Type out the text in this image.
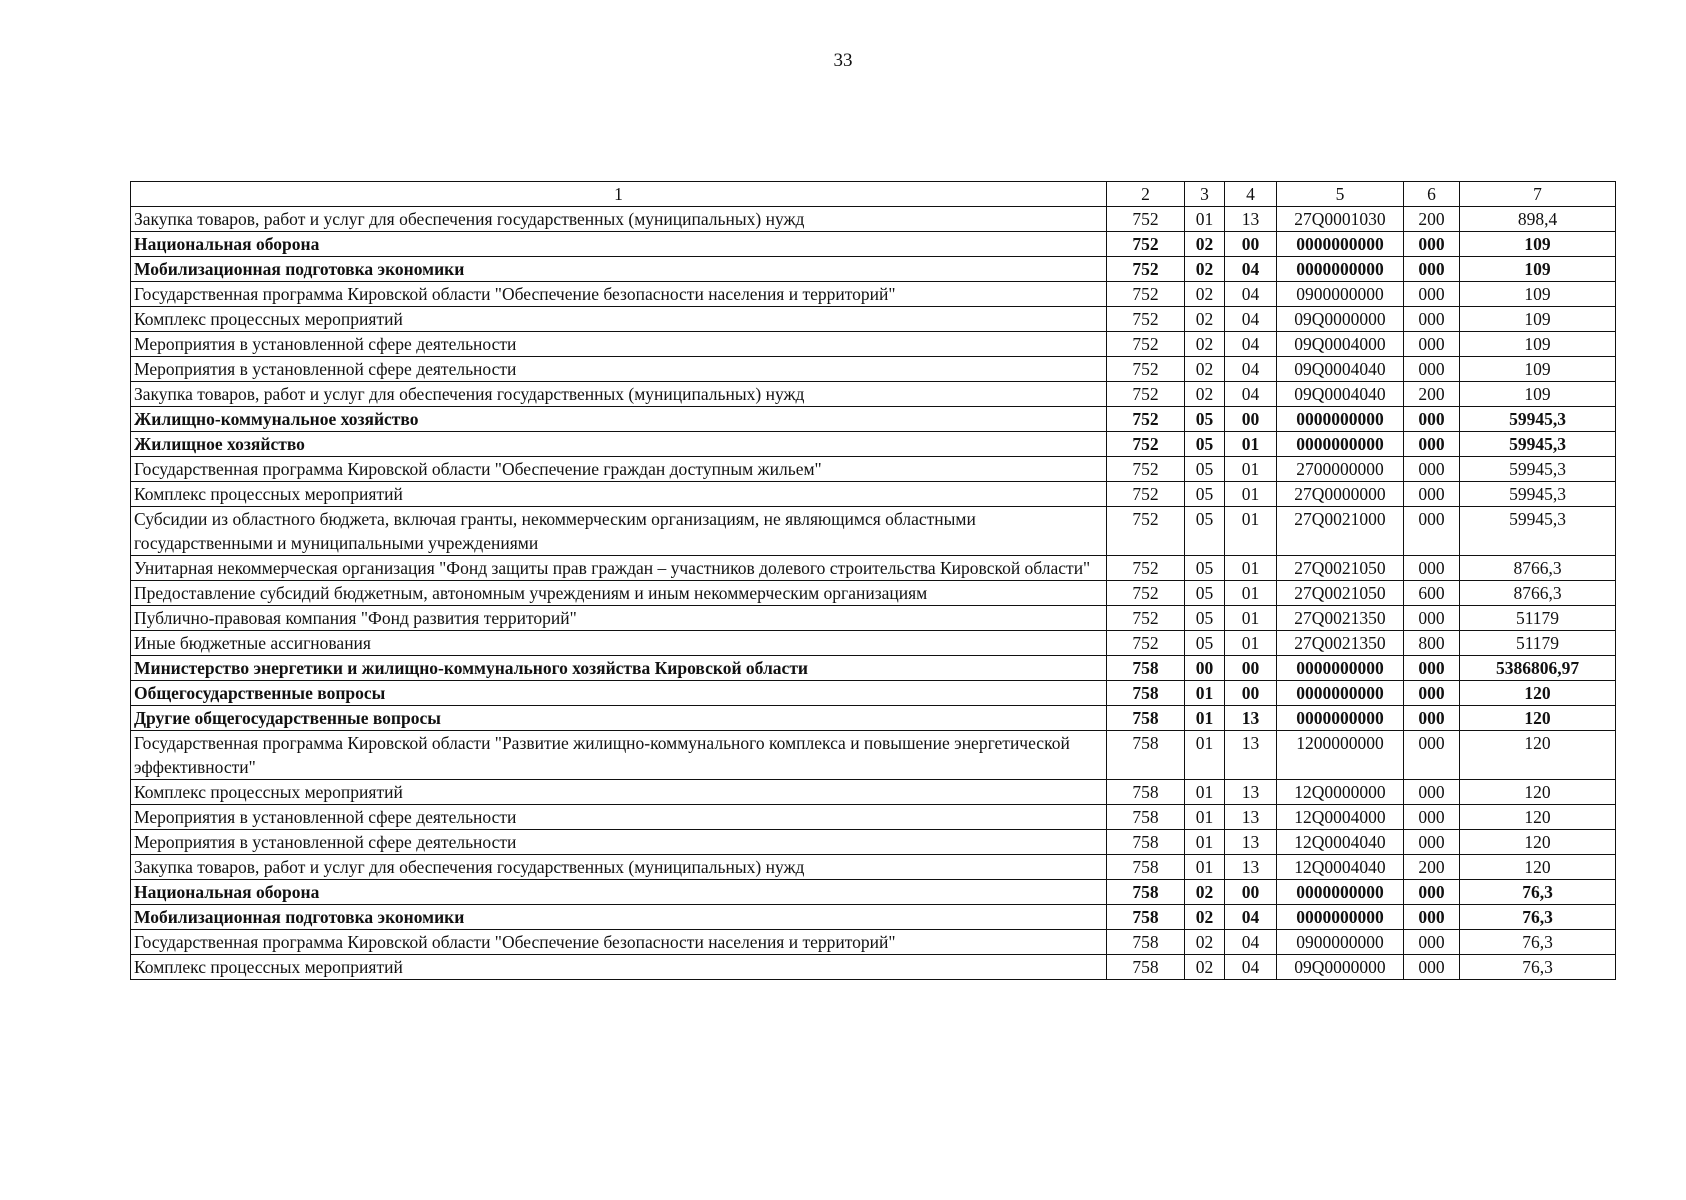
33
1	2	3	4	5	6	7
Закупка товаров, работ и услуг для обеспечения государственных (муниципальных) нужд	752	01	13	27Q0001030	200	898,4
Национальная оборона	752	02	00	0000000000	000	109
Мобилизационная подготовка экономики	752	02	04	0000000000	000	109
Государственная программа Кировской области "Обеспечение безопасности населения и территорий"	752	02	04	0900000000	000	109
Комплекс процессных мероприятий	752	02	04	09Q0000000	000	109
Мероприятия в установленной сфере деятельности	752	02	04	09Q0004000	000	109
Мероприятия в установленной сфере деятельности	752	02	04	09Q0004040	000	109
Закупка товаров, работ и услуг для обеспечения государственных (муниципальных) нужд	752	02	04	09Q0004040	200	109
Жилищно-коммунальное хозяйство	752	05	00	0000000000	000	59945,3
Жилищное хозяйство	752	05	01	0000000000	000	59945,3
Государственная программа Кировской области "Обеспечение граждан доступным жильем"	752	05	01	2700000000	000	59945,3
Комплекс процессных мероприятий	752	05	01	27Q0000000	000	59945,3
Субсидии из областного бюджета, включая гранты, некоммерческим организациям, не являющимся областными государственными и муниципальными учреждениями	752	05	01	27Q0021000	000	59945,3
Унитарная некоммерческая организация "Фонд защиты прав граждан – участников долевого строительства Кировской области"	752	05	01	27Q0021050	000	8766,3
Предоставление субсидий бюджетным, автономным учреждениям и иным некоммерческим организациям	752	05	01	27Q0021050	600	8766,3
Публично-правовая компания "Фонд развития территорий"	752	05	01	27Q0021350	000	51179
Иные бюджетные ассигнования	752	05	01	27Q0021350	800	51179
Министерство энергетики и жилищно-коммунального хозяйства Кировской области	758	00	00	0000000000	000	5386806,97
Общегосударственные вопросы	758	01	00	0000000000	000	120
Другие общегосударственные вопросы	758	01	13	0000000000	000	120
Государственная программа Кировской области "Развитие жилищно-коммунального комплекса и повышение энергетической эффективности"	758	01	13	1200000000	000	120
Комплекс процессных мероприятий	758	01	13	12Q0000000	000	120
Мероприятия в установленной сфере деятельности	758	01	13	12Q0004000	000	120
Мероприятия в установленной сфере деятельности	758	01	13	12Q0004040	000	120
Закупка товаров, работ и услуг для обеспечения государственных (муниципальных) нужд	758	01	13	12Q0004040	200	120
Национальная оборона	758	02	00	0000000000	000	76,3
Мобилизационная подготовка экономики	758	02	04	0000000000	000	76,3
Государственная программа Кировской области "Обеспечение безопасности населения и территорий"	758	02	04	0900000000	000	76,3
Комплекс процессных мероприятий	758	02	04	09Q0000000	000	76,3
